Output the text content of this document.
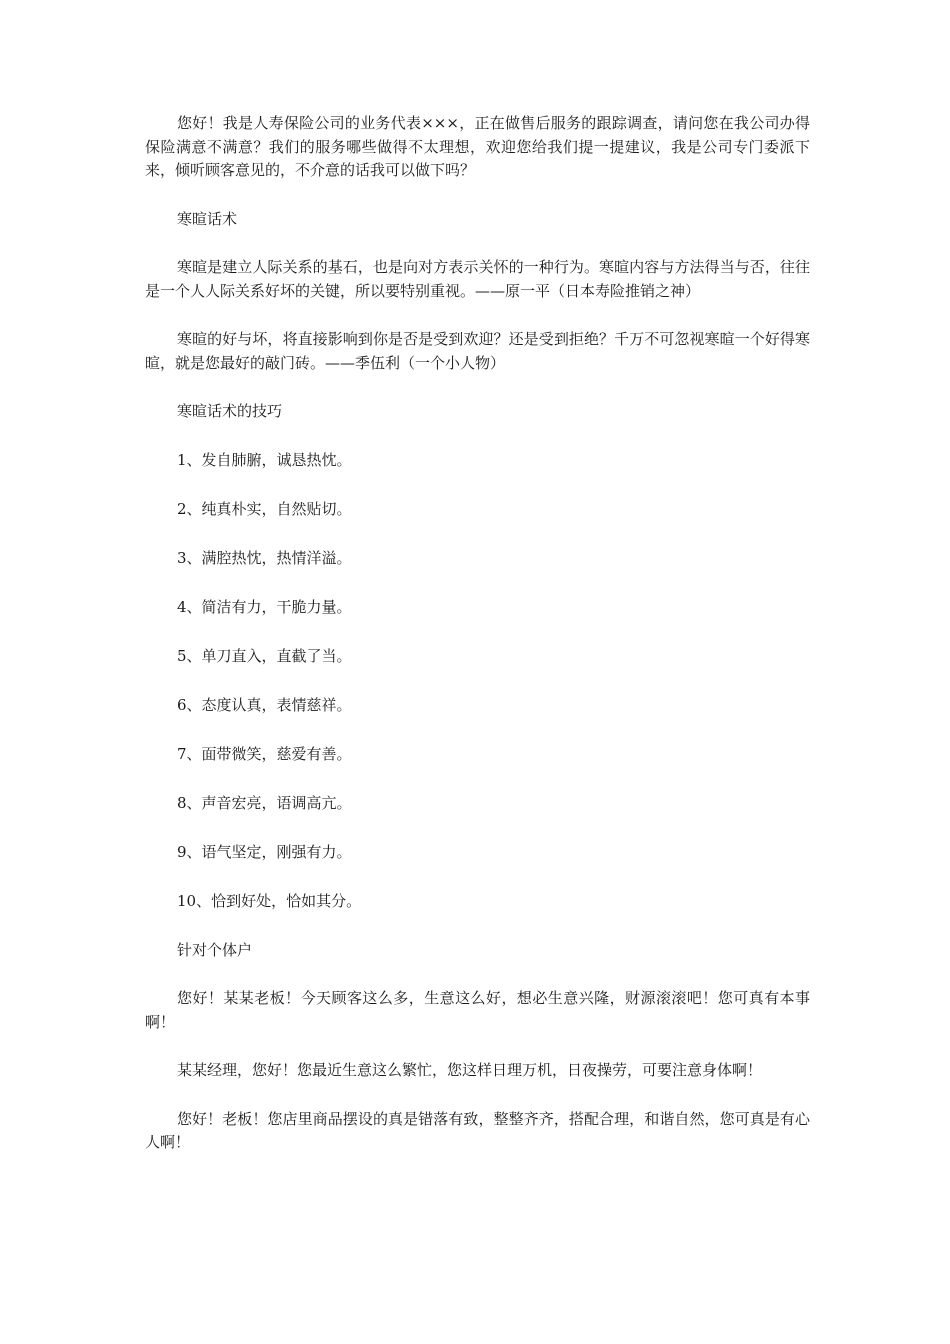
您好！我是人寿保险公司的业务代表×××，正在做售后服务的跟踪调查，请问您在我公司办得保险满意不满意？我们的服务哪些做得不太理想，欢迎您给我们提一提建议，我是公司专门委派下来，倾听顾客意见的，不介意的话我可以做下吗？

寒暄话术

寒暄是建立人际关系的基石，也是向对方表示关怀的一种行为。寒暄内容与方法得当与否，往往是一个人人际关系好坏的关键，所以要特别重视。——原一平（日本寿险推销之神）

寒暄的好与坏，将直接影响到你是否是受到欢迎？还是受到拒绝？千万不可忽视寒暄一个好得寒暄，就是您最好的敲门砖。——季伍利（一个小人物）

寒暄话术的技巧

1、发自肺腑，诚恳热忱。

2、纯真朴实，自然贴切。

3、满腔热忱，热情洋溢。

4、简洁有力，干脆力量。

5、单刀直入，直截了当。

6、态度认真，表情慈祥。

7、面带微笑，慈爱有善。

8、声音宏亮，语调高亢。

9、语气坚定，刚强有力。

10、恰到好处，恰如其分。

针对个体户

您好！某某老板！今天顾客这么多，生意这么好，想必生意兴隆，财源滚滚吧！您可真有本事啊！

某某经理，您好！您最近生意这么繁忙，您这样日理万机，日夜操劳，可要注意身体啊！

您好！老板！您店里商品摆设的真是错落有致，整整齐齐，搭配合理，和谐自然，您可真是有心人啊！
